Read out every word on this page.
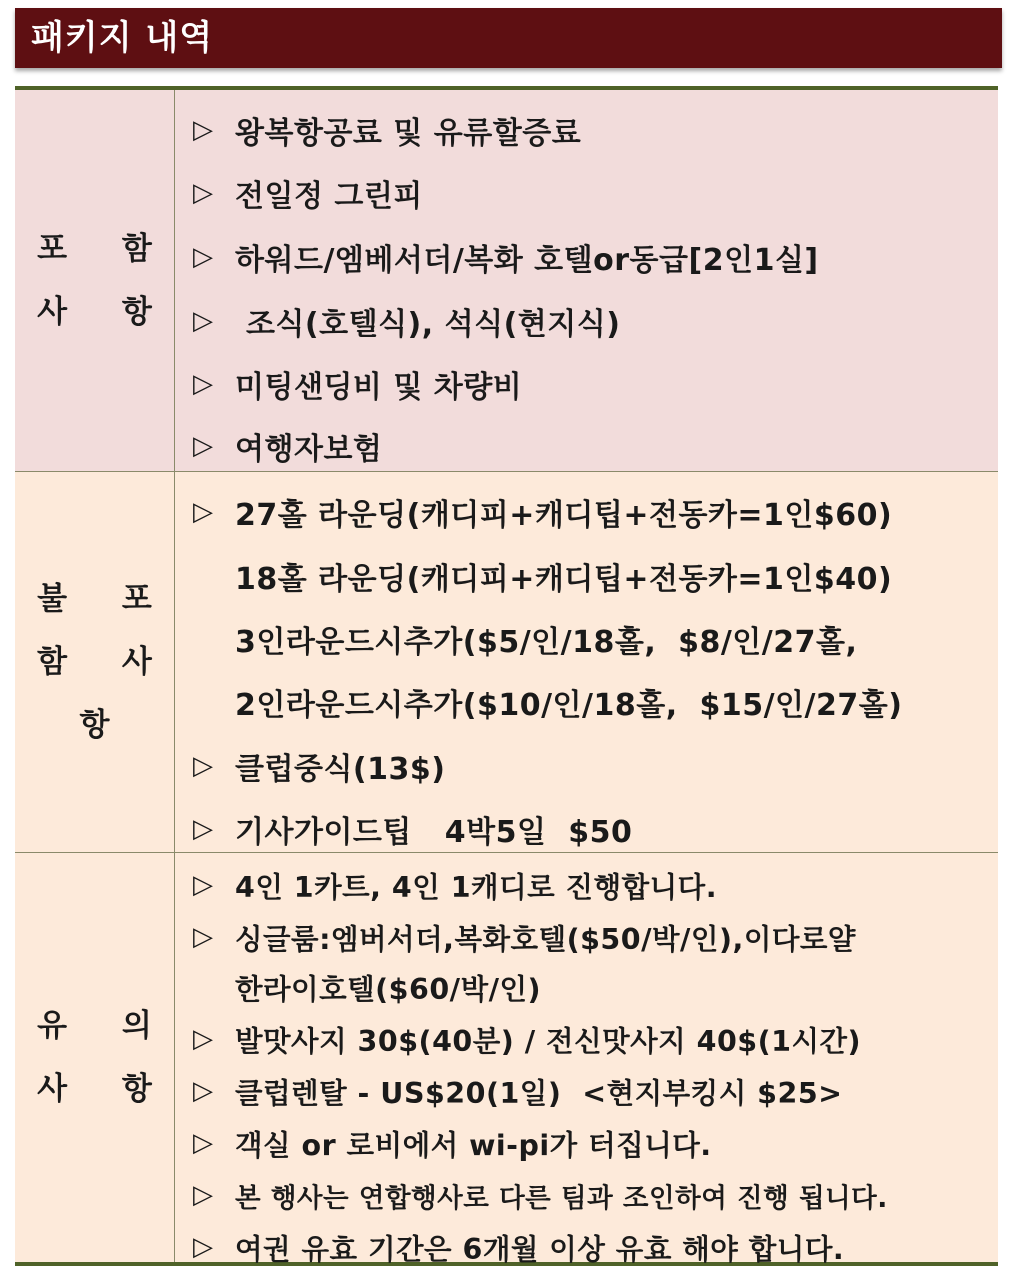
패키지 내역
포 함
사 항
▷ 왕복항공료 및 유류할증료
▷ 전일정 그린피
▷ 하워드/엠베서더/복화 호텔or동급[2인1실]
▷ 조식(호텔식), 석식(현지식)
▷ 미팅샌딩비 및 차량비
▷ 여행자보험
불 포
함 사
항
▷ 27홀 라운딩(캐디피+캐디팁+전동카=1인$60)
18홀 라운딩(캐디피+캐디팁+전동카=1인$40)
3인라운드시추가($5/인/18홀,  $8/인/27홀,
2인라운드시추가($10/인/18홀,  $15/인/27홀)
▷ 클럽중식(13$)
▷ 기사가이드팁   4박5일  $50
유 의
사 항
▷ 4인 1카트, 4인 1캐디로 진행합니다.
▷ 싱글룸:엠버서더,복화호텔($50/박/인),이다로얄
한라이호텔($60/박/인)
▷ 발맛사지 30$(40분) / 전신맛사지 40$(1시간)
▷ 클럽렌탈 - US$20(1일)  <현지부킹시 $25>
▷ 객실 or 로비에서 wi-pi가 터집니다.
▷ 본 행사는 연합행사로 다른 팀과 조인하여 진행 됩니다.
▷ 여권 유효 기간은 6개월 이상 유효 해야 합니다.
